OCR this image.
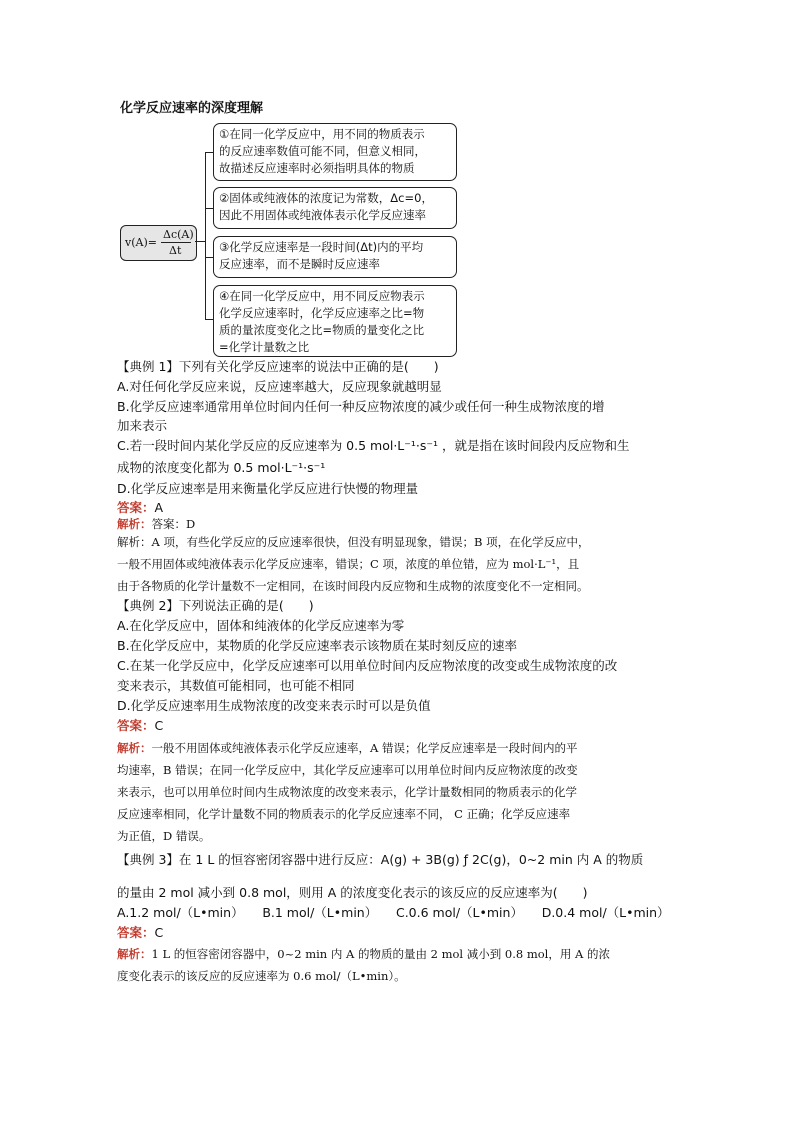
化学反应速率的深度理解
v(A)=
Δc(A)
Δt
①在同一化学反应中，用不同的物质表示
的反应速率数值可能不同，但意义相同，
故描述反应速率时必须指明具体的物质
②固体或纯液体的浓度记为常数，Δc=0，
因此不用固体或纯液体表示化学反应速率
③化学反应速率是一段时间(Δt)内的平均
反应速率，而不是瞬时反应速率
④在同一化学反应中，用不同反应物表示
化学反应速率时，化学反应速率之比=物
质的量浓度变化之比=物质的量变化之比
=化学计量数之比
【典例 1】下列有关化学反应速率的说法中正确的是(　　)
A.对任何化学反应来说，反应速率越大，反应现象就越明显
B.化学反应速率通常用单位时间内任何一种反应物浓度的减少或任何一种生成物浓度的增
加来表示
C.若一段时间内某化学反应的反应速率为 0.5 mol·L⁻¹·s⁻¹ ，就是指在该时间段内反应物和生
成物的浓度变化都为 0.5 mol·L⁻¹·s⁻¹
D.化学反应速率是用来衡量化学反应进行快慢的物理量
答案：A
解析：答案：D
解析：A 项，有些化学反应的反应速率很快，但没有明显现象，错误；B 项，在化学反应中，
一般不用固体或纯液体表示化学反应速率，错误；C 项，浓度的单位错，应为 mol·L⁻¹，且
由于各物质的化学计量数不一定相同，在该时间段内反应物和生成物的浓度变化不一定相同。
【典例 2】下列说法正确的是(　　)
A.在化学反应中，固体和纯液体的化学反应速率为零
B.在化学反应中，某物质的化学反应速率表示该物质在某时刻反应的速率
C.在某一化学反应中，化学反应速率可以用单位时间内反应物浓度的改变或生成物浓度的改
变来表示，其数值可能相同，也可能不相同
D.化学反应速率用生成物浓度的改变来表示时可以是负值
答案：C
解析：一般不用固体或纯液体表示化学反应速率，A 错误；化学反应速率是一段时间内的平
均速率，B 错误；在同一化学反应中，其化学反应速率可以用单位时间内反应物浓度的改变
来表示，也可以用单位时间内生成物浓度的改变来表示，化学计量数相同的物质表示的化学
反应速率相同，化学计量数不同的物质表示的化学反应速率不同， C 正确；化学反应速率
为正值，D 错误。
【典例 3】在 1 L 的恒容密闭容器中进行反应：A(g) + 3B(g) ƒ 2C(g)，0~2 min 内 A 的物质
的量由 2 mol 减小到 0.8 mol，则用 A 的浓度变化表示的该反应的反应速率为(　　)
A.1.2 mol/（L•min）　　B.1 mol/（L•min）　　C.0.6 mol/（L•min）　　D.0.4 mol/（L•min）
答案：C
解析：1 L 的恒容密闭容器中，0~2 min 内 A 的物质的量由 2 mol 减小到 0.8 mol，用 A 的浓
度变化表示的该反应的反应速率为 0.6 mol/（L•min）。
